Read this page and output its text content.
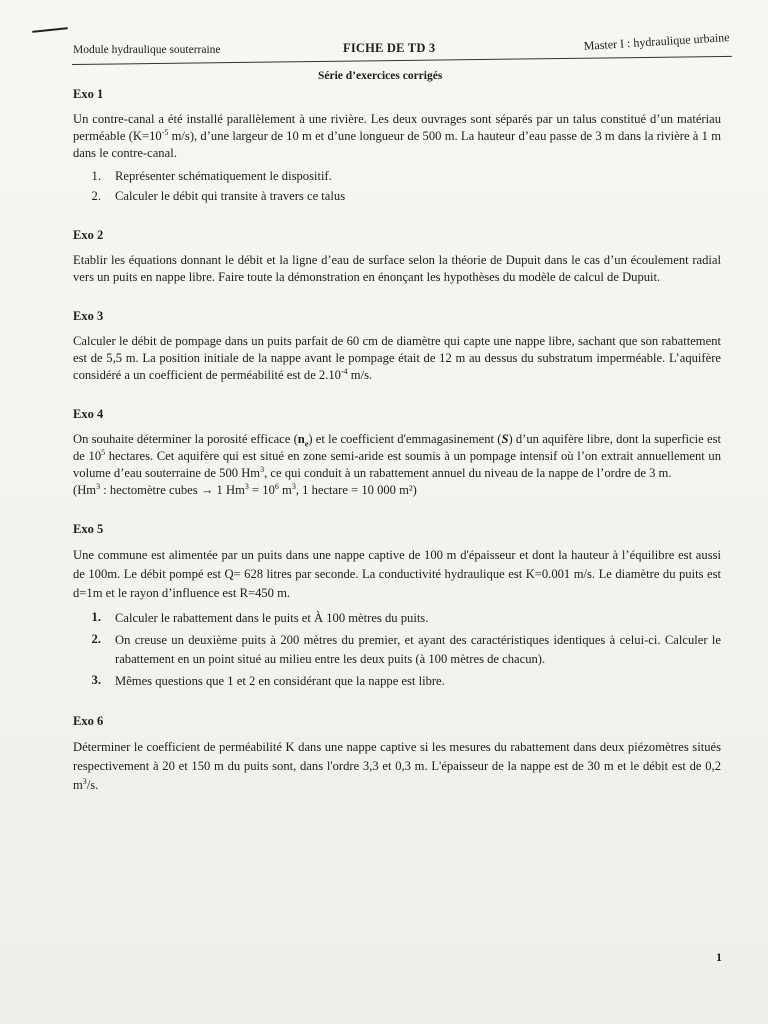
Module hydraulique souterraine	FICHE DE TD 3	Master I : hydraulique urbaine
Série d’exercices corrigés

Exo 1

Un contre-canal a été installé parallèlement à une rivière. Les deux ouvrages sont séparés par un talus constitué d’un matériau perméable ($K=10^{-5}$ m/s), d’une largeur de 10 m et d’une longueur de 500 m. La hauteur d’eau passe de 3 m dans la rivière à 1 m dans le contre-canal.

1.	Représenter schématiquement le dispositif.
2.	Calculer le débit qui transite à travers ce talus

Exo 2

Etablir les équations donnant le débit et la ligne d’eau de surface selon la théorie de Dupuit dans le cas d’un écoulement radial vers un puits en nappe libre. Faire toute la démonstration en énonçant les hypothèses du modèle de calcul de Dupuit.

Exo 3

Calculer le débit de pompage dans un puits parfait de 60 cm de diamètre qui capte une nappe libre, sachant que son rabattement est de 5,5 m. La position initiale de la nappe avant le pompage était de 12 m au dessus du substratum imperméable. L’aquifère considéré a un coefficient de perméabilité est de $2.10^{-4}$ m/s.

Exo 4

On souhaite déterminer la porosité efficace $(n_e)$ et le coefficient d'emmagasinement (S) d’un aquifère libre, dont la superficie est de $10^5$ hectares. Cet aquifère qui est situé en zone semi-aride est soumis à un pompage intensif où l’on extrait annuellement un volume d’eau souterraine de 500 Hm$^3$, ce qui conduit à un rabattement annuel du niveau de la nappe de l’ordre de 3 m.
(Hm$^3$ : hectomètre cubes → 1 $Hm^3 = 10^6$ $m^3$, 1 hectare = 10 000 m²)

Exo 5

Une commune est alimentée par un puits dans une nappe captive de 100 m d'épaisseur et dont la hauteur à l’équilibre est aussi de 100m. Le débit pompé est Q= 628 litres par seconde. La conductivité hydraulique est K=0.001 m/s. Le diamètre du puits est d=1m et le rayon d’influence est R=450 m.

1.	Calculer le rabattement dans le puits et À 100 mètres du puits.
2.	On creuse un deuxième puits à 200 mètres du premier, et ayant des caractéristiques identiques à celui-ci. Calculer le rabattement en un point situé au milieu entre les deux puits (à 100 mètres de chacun).
3.	Mêmes questions que 1 et 2 en considérant que la nappe est libre.

Exo 6

Déterminer le coefficient de perméabilité K dans une nappe captive si les mesures du rabattement dans deux piézomètres situés respectivement à 20 et 150 m du puits sont, dans l'ordre 3,3 et 0,3 m. L'épaisseur de la nappe est de 30 m et le débit est de 0,2 $m^3/s$.

1
